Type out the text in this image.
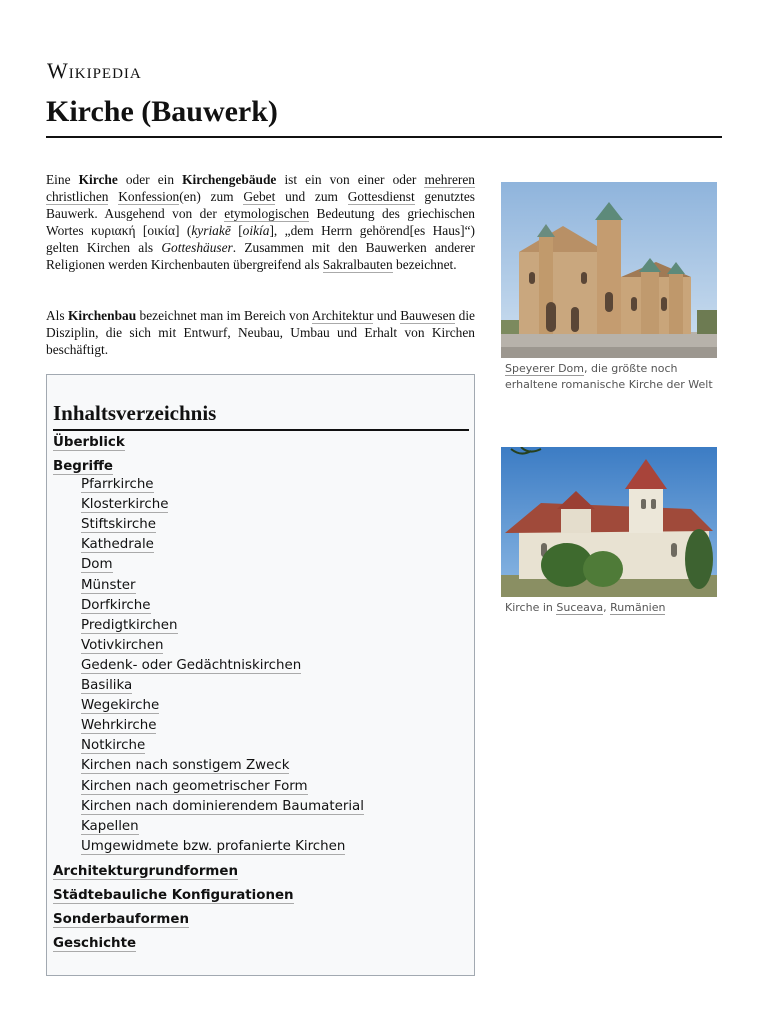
Wikipedia
Kirche (Bauwerk)

Eine Kirche oder ein Kirchengebäude ist ein von einer oder mehreren christlichen Konfession(en) zum Gebet und zum Gottesdienst genutztes Bauwerk. Ausgehend von der etymologischen Bedeutung des griechischen Wortes κυριακή [οικία] (kyriakē [oikía], „dem Herrn gehörend[es Haus]“) gelten Kirchen als Gotteshäuser. Zusammen mit den Bauwerken anderer Religionen werden Kirchenbauten übergreifend als Sakralbauten bezeichnet.

Als Kirchenbau bezeichnet man im Bereich von Architektur und Bauwesen die Disziplin, die sich mit Entwurf, Neubau, Umbau und Erhalt von Kirchen beschäftigt.

Inhaltsverzeichnis
Überblick
Begriffe
Pfarrkirche
Klosterkirche
Stiftskirche
Kathedrale
Dom
Münster
Dorfkirche
Predigtkirchen
Votivkirchen
Gedenk- oder Gedächtniskirchen
Basilika
Wegekirche
Wehrkirche
Notkirche
Kirchen nach sonstigem Zweck
Kirchen nach geometrischer Form
Kirchen nach dominierendem Baumaterial
Kapellen
Umgewidmete bzw. profanierte Kirchen
Architekturgrundformen
Städtebauliche Konfigurationen
Sonderbauformen
Geschichte
Speyerer Dom, die größte noch erhaltene romanische Kirche der Welt
Kirche in Suceava, Rumänien
